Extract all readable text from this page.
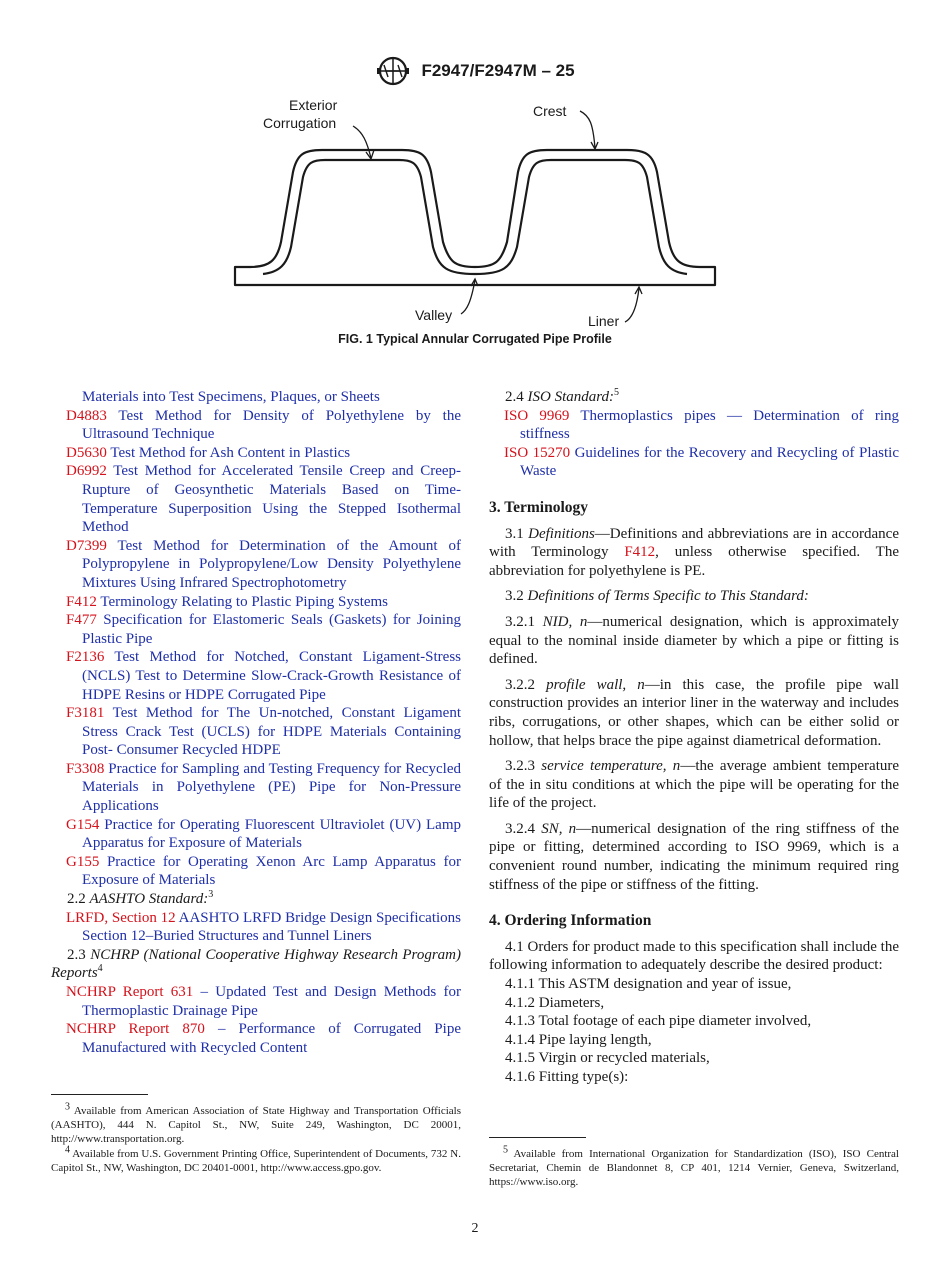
F2947/F2947M – 25
Exterior
Corrugation
Crest
Valley	Liner
FIG. 1 Typical Annular Corrugated Pipe Profile
Materials into Test Specimens, Plaques, or Sheets
D4883 Test Method for Density of Polyethylene by the Ultrasound Technique
D5630 Test Method for Ash Content in Plastics
D6992 Test Method for Accelerated Tensile Creep and Creep-Rupture of Geosynthetic Materials Based on Time-Temperature Superposition Using the Stepped Isothermal Method
D7399 Test Method for Determination of the Amount of Polypropylene in Polypropylene/Low Density Polyethylene Mixtures Using Infrared Spectrophotometry
F412 Terminology Relating to Plastic Piping Systems
F477 Specification for Elastomeric Seals (Gaskets) for Joining Plastic Pipe
F2136 Test Method for Notched, Constant Ligament-Stress (NCLS) Test to Determine Slow-Crack-Growth Resistance of HDPE Resins or HDPE Corrugated Pipe
F3181 Test Method for The Un-notched, Constant Ligament Stress Crack Test (UCLS) for HDPE Materials Containing Post- Consumer Recycled HDPE
F3308 Practice for Sampling and Testing Frequency for Recycled Materials in Polyethylene (PE) Pipe for Non-Pressure Applications
G154 Practice for Operating Fluorescent Ultraviolet (UV) Lamp Apparatus for Exposure of Materials
G155 Practice for Operating Xenon Arc Lamp Apparatus for Exposure of Materials
2.2 AASHTO Standard:$^3$
LRFD, Section 12 AASHTO LRFD Bridge Design Specifications Section 12–Buried Structures and Tunnel Liners
2.3 NCHRP (National Cooperative Highway Research Program) Reports$^4$
NCHRP Report 631 – Updated Test and Design Methods for Thermoplastic Drainage Pipe
NCHRP Report 870 – Performance of Corrugated Pipe Manufactured with Recycled Content

$^3$ Available from American Association of State Highway and Transportation Officials (AASHTO), 444 N. Capitol St., NW, Suite 249, Washington, DC 20001, http://www.transportation.org.

$^4$ Available from U.S. Government Printing Office, Superintendent of Documents, 732 N. Capitol St., NW, Washington, DC 20401-0001, http://www.access.gpo.gov.

2.4 ISO Standard:$^5$
ISO 9969 Thermoplastics pipes — Determination of ring stiffness
ISO 15270 Guidelines for the Recovery and Recycling of Plastic Waste
3. Terminology
3.1 Definitions—Definitions and abbreviations are in accordance with Terminology F412, unless otherwise specified. The abbreviation for polyethylene is PE.
3.2 Definitions of Terms Specific to This Standard:
3.2.1 NID, n—numerical designation, which is approximately equal to the nominal inside diameter by which a pipe or fitting is defined.
3.2.2 profile wall, n—in this case, the profile pipe wall construction provides an interior liner in the waterway and includes ribs, corrugations, or other shapes, which can be either solid or hollow, that helps brace the pipe against diametrical deformation.
3.2.3 service temperature, n—the average ambient temperature of the in situ conditions at which the pipe will be operating for the life of the project.
3.2.4 SN, n—numerical designation of the ring stiffness of the pipe or fitting, determined according to ISO 9969, which is a convenient round number, indicating the minimum required ring stiffness of the pipe or stiffness of the fitting.
4. Ordering Information
4.1 Orders for product made to this specification shall include the following information to adequately describe the desired product:
4.1.1 This ASTM designation and year of issue,
4.1.2 Diameters,
4.1.3 Total footage of each pipe diameter involved,
4.1.4 Pipe laying length,
4.1.5 Virgin or recycled materials,
4.1.6 Fitting type(s):

$^5$ Available from International Organization for Standardization (ISO), ISO Central Secretariat, Chemin de Blandonnet 8, CP 401, 1214 Vernier, Geneva, Switzerland, https://www.iso.org.

2
